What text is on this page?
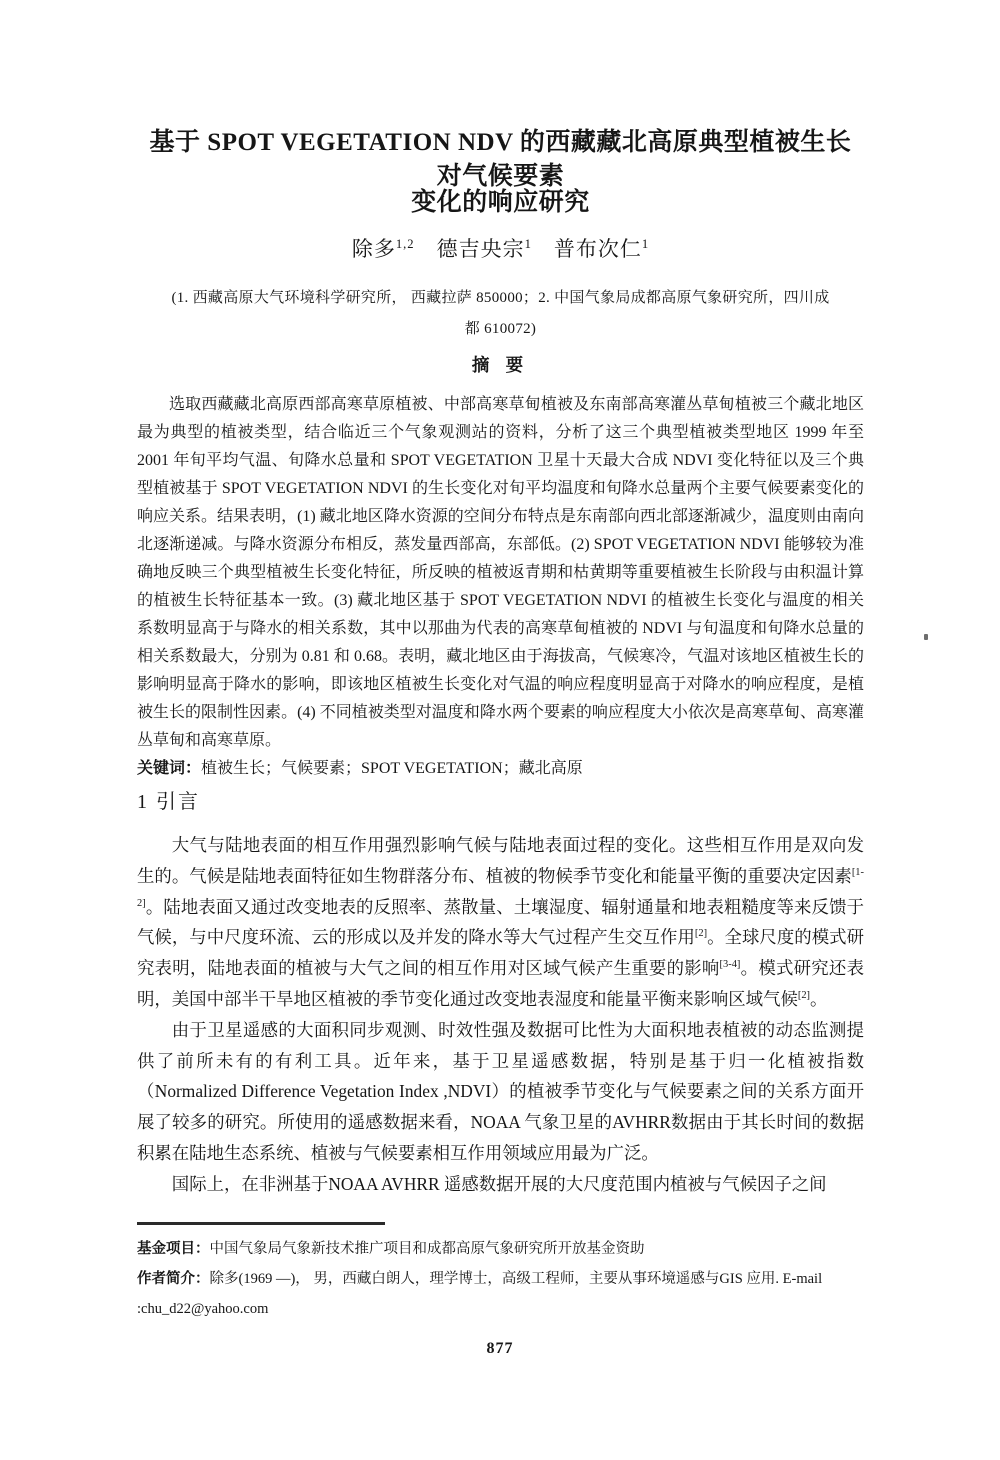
基于 SPOT VEGETATION NDV 的西藏藏北高原典型植被生长对气候要素
变化的响应研究
除多$^{1,2}$ 德吉央宗$^1$ 普布次仁$^1$
(1. 西藏高原大气环境科学研究所， 西藏拉萨 850000；2. 中国气象局成都高原气象研究所，四川成
都 610072)
摘 要

选取西藏藏北高原西部高寒草原植被、中部高寒草甸植被及东南部高寒灌丛草甸植被三个藏北地区最为典型的植被类型，结合临近三个气象观测站的资料，分析了这三个典型植被类型地区 1999 年至 2001 年旬平均气温、旬降水总量和 SPOT VEGETATION 卫星十天最大合成 NDVI 变化特征以及三个典型植被基于 SPOT VEGETATION NDVI 的生长变化对旬平均温度和旬降水总量两个主要气候要素变化的响应关系。结果表明，(1) 藏北地区降水资源的空间分布特点是东南部向西北部逐渐减少，温度则由南向北逐渐递减。与降水资源分布相反，蒸发量西部高，东部低。(2) SPOT VEGETATION NDVI 能够较为准确地反映三个典型植被生长变化特征，所反映的植被返青期和枯黄期等重要植被生长阶段与由积温计算的植被生长特征基本一致。(3) 藏北地区基于 SPOT VEGETATION NDVI 的植被生长变化与温度的相关系数明显高于与降水的相关系数，其中以那曲为代表的高寒草甸植被的 NDVI 与旬温度和旬降水总量的相关系数最大，分别为 0.81 和 0.68。表明，藏北地区由于海拔高，气候寒冷，气温对该地区植被生长的影响明显高于降水的影响，即该地区植被生长变化对气温的响应程度明显高于对降水的响应程度，是植被生长的限制性因素。(4) 不同植被类型对温度和降水两个要素的响应程度大小依次是高寒草甸、高寒灌丛草甸和高寒草原。

关键词：植被生长；气候要素；SPOT VEGETATION；藏北高原

1 引言

大气与陆地表面的相互作用强烈影响气候与陆地表面过程的变化。这些相互作用是双向发生的。气候是陆地表面特征如生物群落分布、植被的物候季节变化和能量平衡的重要决定因素[1-2]。陆地表面又通过改变地表的反照率、蒸散量、土壤湿度、辐射通量和地表粗糙度等来反馈于气候，与中尺度环流、云的形成以及并发的降水等大气过程产生交互作用[2]。全球尺度的模式研究表明，陆地表面的植被与大气之间的相互作用对区域气候产生重要的影响[3-4]。模式研究还表明，美国中部半干旱地区植被的季节变化通过改变地表湿度和能量平衡来影响区域气候[2]。

由于卫星遥感的大面积同步观测、时效性强及数据可比性为大面积地表植被的动态监测提供了前所未有的有利工具。近年来，基于卫星遥感数据，特别是基于归一化植被指数（Normalized Difference Vegetation Index ,NDVI）的植被季节变化与气候要素之间的关系方面开展了较多的研究。所使用的遥感数据来看，NOAA 气象卫星的AVHRR数据由于其长时间的数据积累在陆地生态系统、植被与气候要素相互作用领域应用最为广泛。

国际上，在非洲基于NOAA AVHRR 遥感数据开展的大尺度范围内植被与气候因子之间

基金项目：中国气象局气象新技术推广项目和成都高原气象研究所开放基金资助

作者简介：除多(1969 —)， 男，西藏白朗人，理学博士，高级工程师，主要从事环境遥感与GIS 应用. E-mail :chu_d22@yahoo.com

877
